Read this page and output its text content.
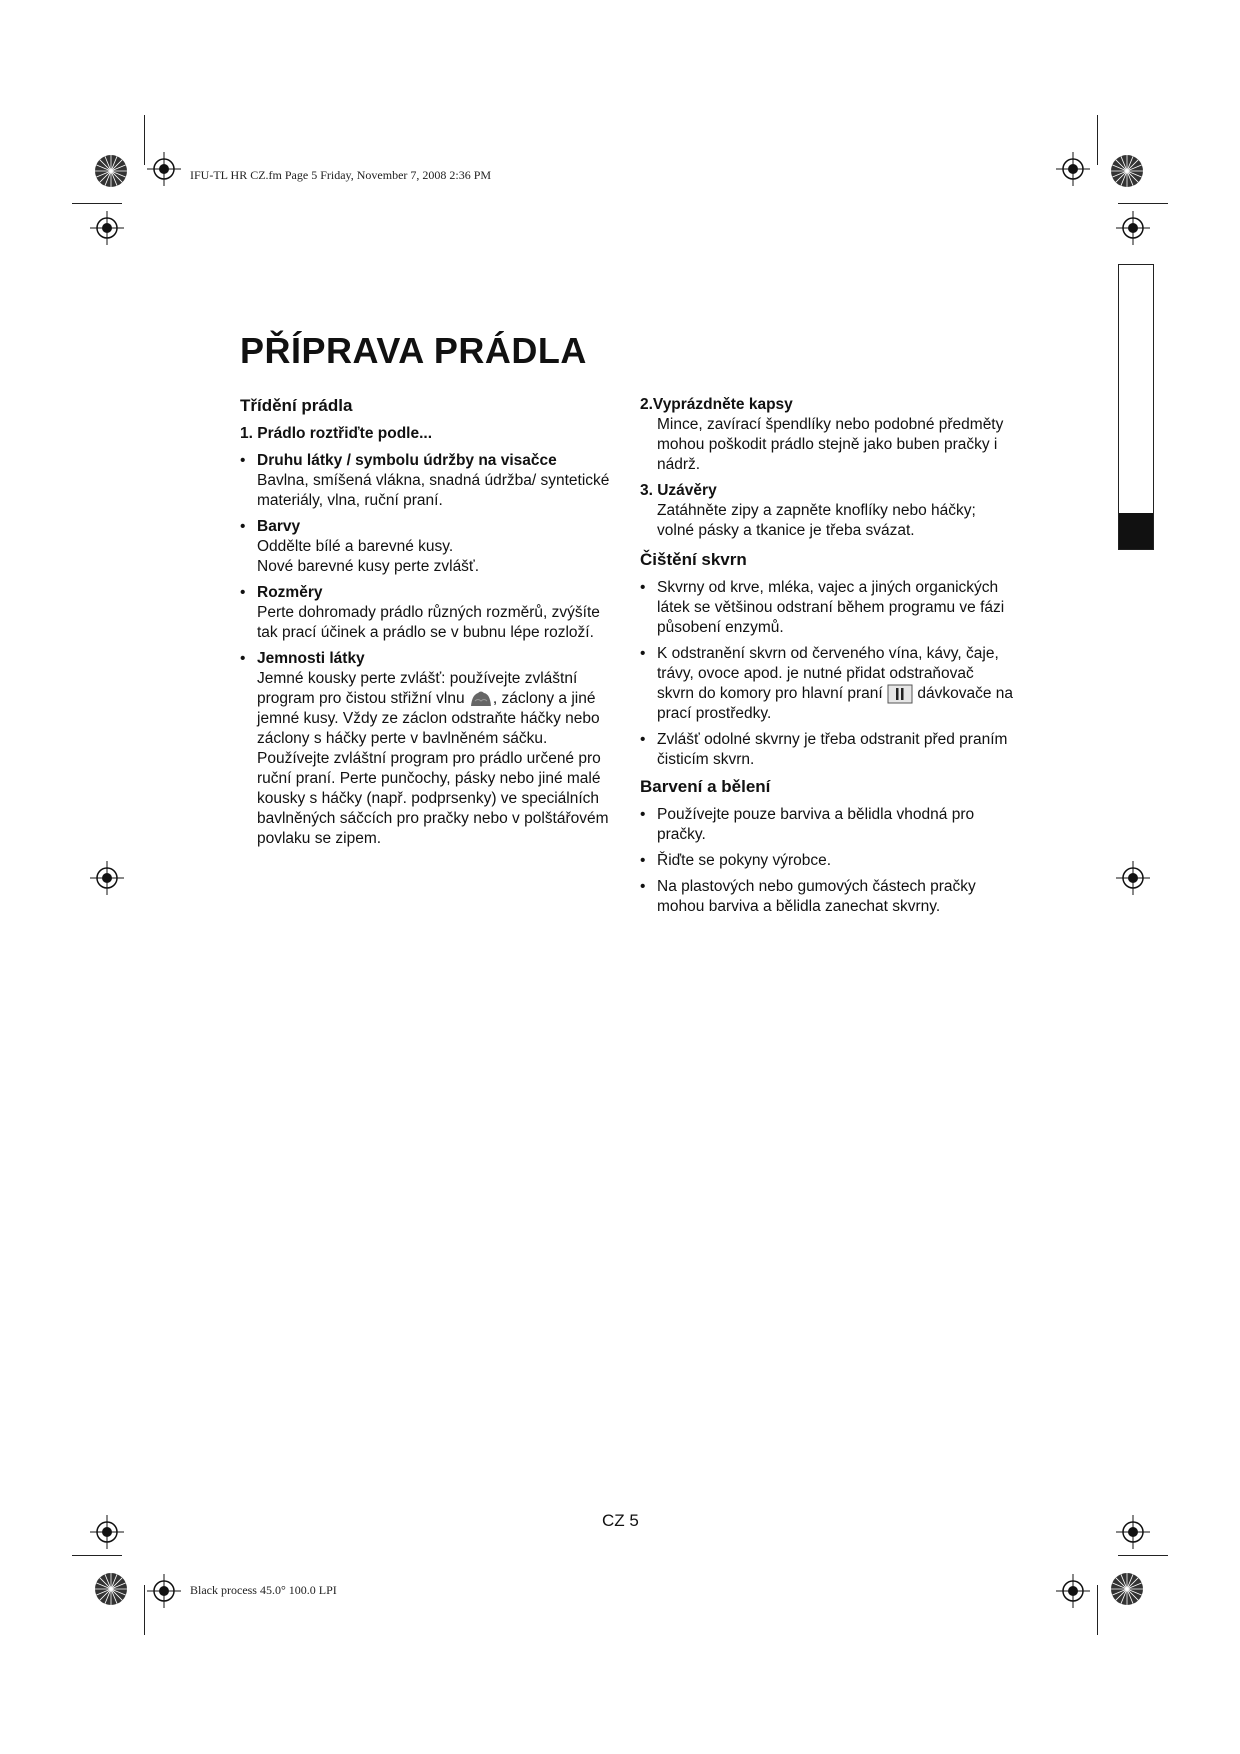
IFU-TL HR CZ.fm Page 5 Friday, November 7, 2008 2:36 PM
Black process 45.0° 100.0 LPI
PŘÍPRAVA PRÁDLA
Třídění prádla
1. Prádlo roztřiďte podle...
• Druhu látky / symbolu údržby na visačce
Bavlna, smíšená vlákna, snadná údržba/ syntetické materiály, vlna, ruční praní.
• Barvy
Oddělte bílé a barevné kusy.
Nové barevné kusy perte zvlášť.
• Rozměry
Perte dohromady prádlo různých rozměrů, zvýšíte tak prací účinek a prádlo se v bubnu lépe rozloží.
• Jemnosti látky
Jemné kousky perte zvlášť: používejte zvláštní program pro čistou střižní vlnu , záclony a jiné jemné kusy. Vždy ze záclon odstraňte háčky nebo záclony s háčky perte v bavlněném sáčku. Používejte zvláštní program pro prádlo určené pro ruční praní. Perte punčochy, pásky nebo jiné malé kousky s háčky (např. podprsenky) ve speciálních bavlněných sáčcích pro pračky nebo v polštářovém povlaku se zipem.
2.Vyprázdněte kapsy
Mince, zavírací špendlíky nebo podobné předměty mohou poškodit prádlo stejně jako buben pračky i nádrž.
3. Uzávěry
Zatáhněte zipy a zapněte knoflíky nebo háčky; volné pásky a tkanice je třeba svázat.
Čištění skvrn
• Skvrny od krve, mléka, vajec a jiných organických látek se většinou odstraní během programu ve fázi působení enzymů.
• K odstranění skvrn od červeného vína, kávy, čaje, trávy, ovoce apod. je nutné přidat odstraňovač skvrn do komory pro hlavní praní  dávkovače na prací prostředky.
• Zvlášť odolné skvrny je třeba odstranit před praním čisticím skvrn.
Barvení a bělení
• Používejte pouze barviva a bělidla vhodná pro pračky.
• Řiďte se pokyny výrobce.
• Na plastových nebo gumových částech pračky mohou barviva a bělidla zanechat skvrny.
CZ 5
